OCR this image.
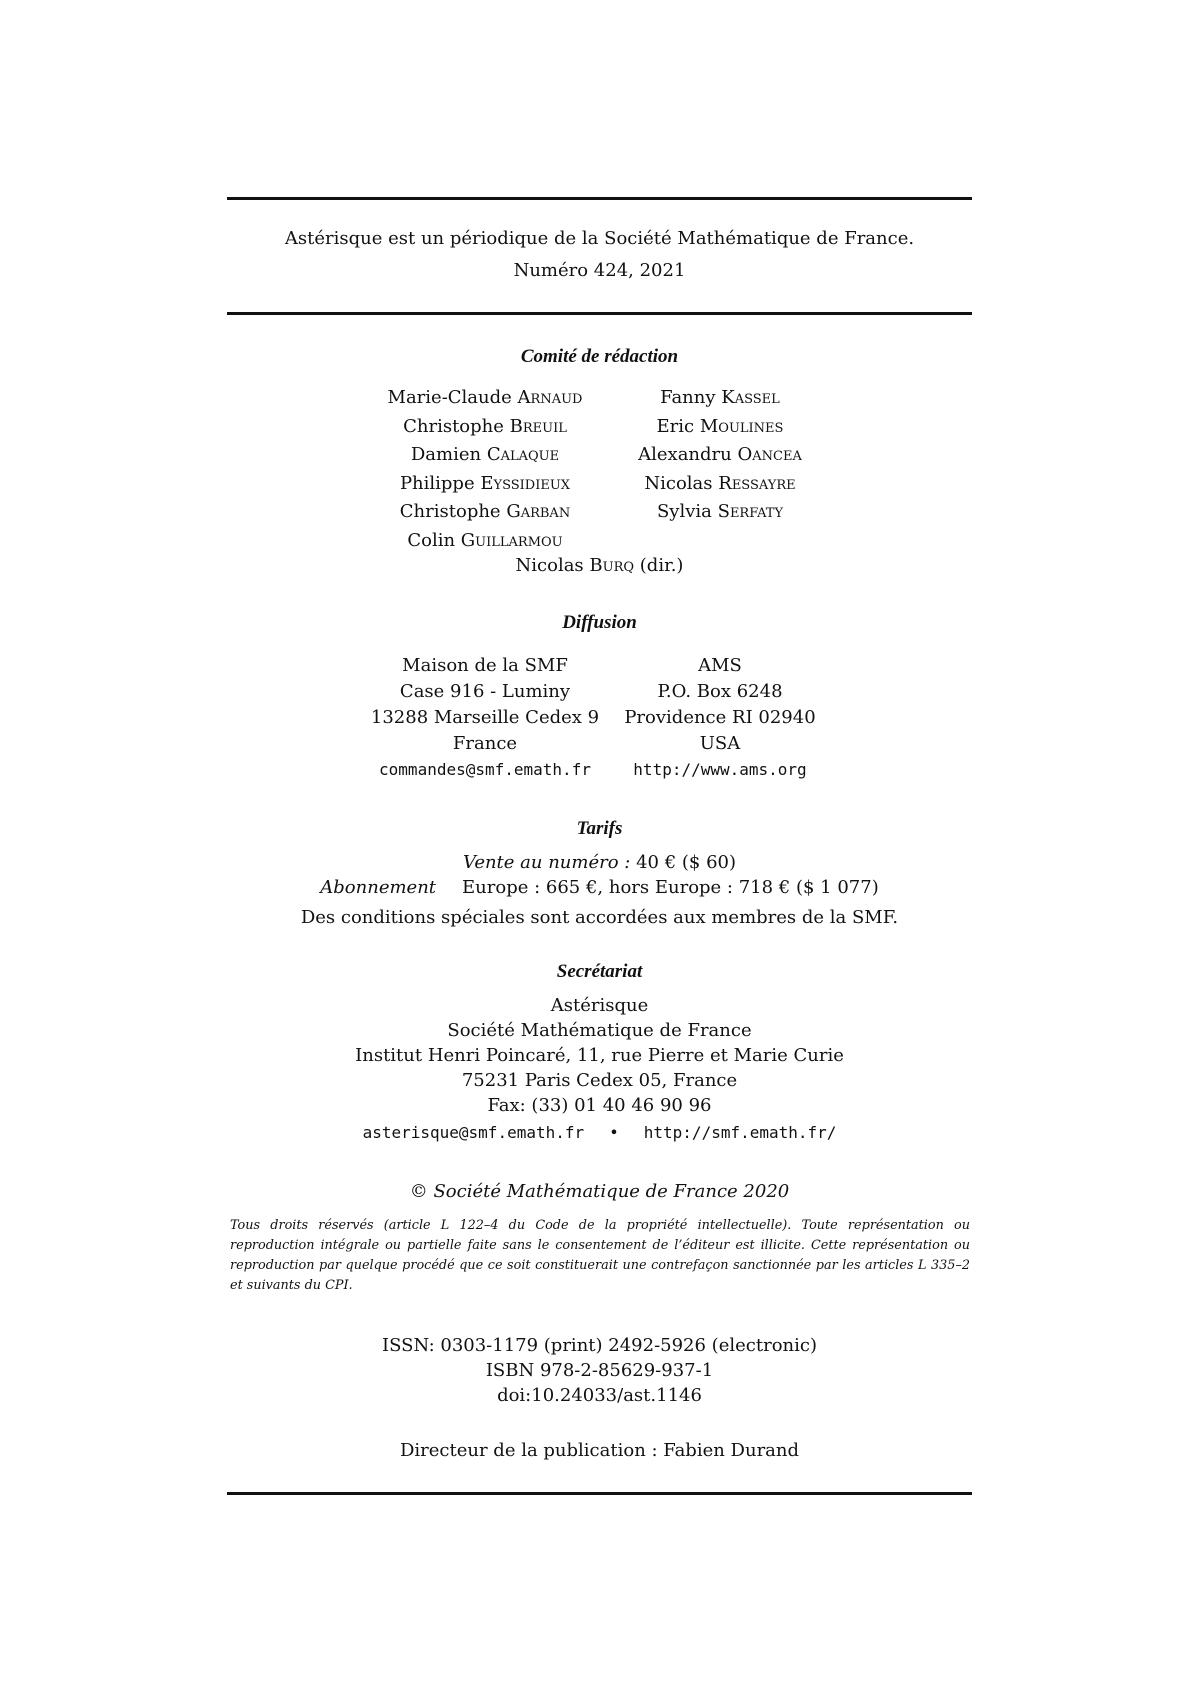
Astérisque est un périodique de la Société Mathématique de France.
Numéro 424, 2021
Comité de rédaction
Marie-Claude Arnaud	Fanny Kassel
Christophe Breuil	Eric Moulines
Damien Calaque	Alexandru Oancea
Philippe Eyssidieux	Nicolas Ressayre
Christophe Garban	Sylvia Serfaty
Colin Guillarmou
Nicolas Burq (dir.)
Diffusion
Maison de la SMF	AMS
Case 916 - Luminy	P.O. Box 6248
13288 Marseille Cedex 9	Providence RI 02940
France	USA
commandes@smf.emath.fr	http://www.ams.org
Tarifs
Vente au numéro : 40 € ($ 60)
Abonnement Europe : 665 €, hors Europe : 718 € ($ 1 077)
Des conditions spéciales sont accordées aux membres de la SMF.
Secrétariat
Astérisque
Société Mathématique de France
Institut Henri Poincaré, 11, rue Pierre et Marie Curie
75231 Paris Cedex 05, France
Fax: (33) 01 40 46 90 96
asterisque@smf.emath.fr • http://smf.emath.fr/
© Société Mathématique de France 2020
Tous droits réservés (article L 122–4 du Code de la propriété intellectuelle). Toute représentation ou reproduction intégrale ou partielle faite sans le consentement de l’éditeur est illicite. Cette représentation ou reproduction par quelque procédé que ce soit constituerait une contrefaçon sanctionnée par les articles L 335–2 et suivants du CPI.
ISSN: 0303-1179 (print) 2492-5926 (electronic)
ISBN 978-2-85629-937-1
doi:10.24033/ast.1146
Directeur de la publication : Fabien Durand
